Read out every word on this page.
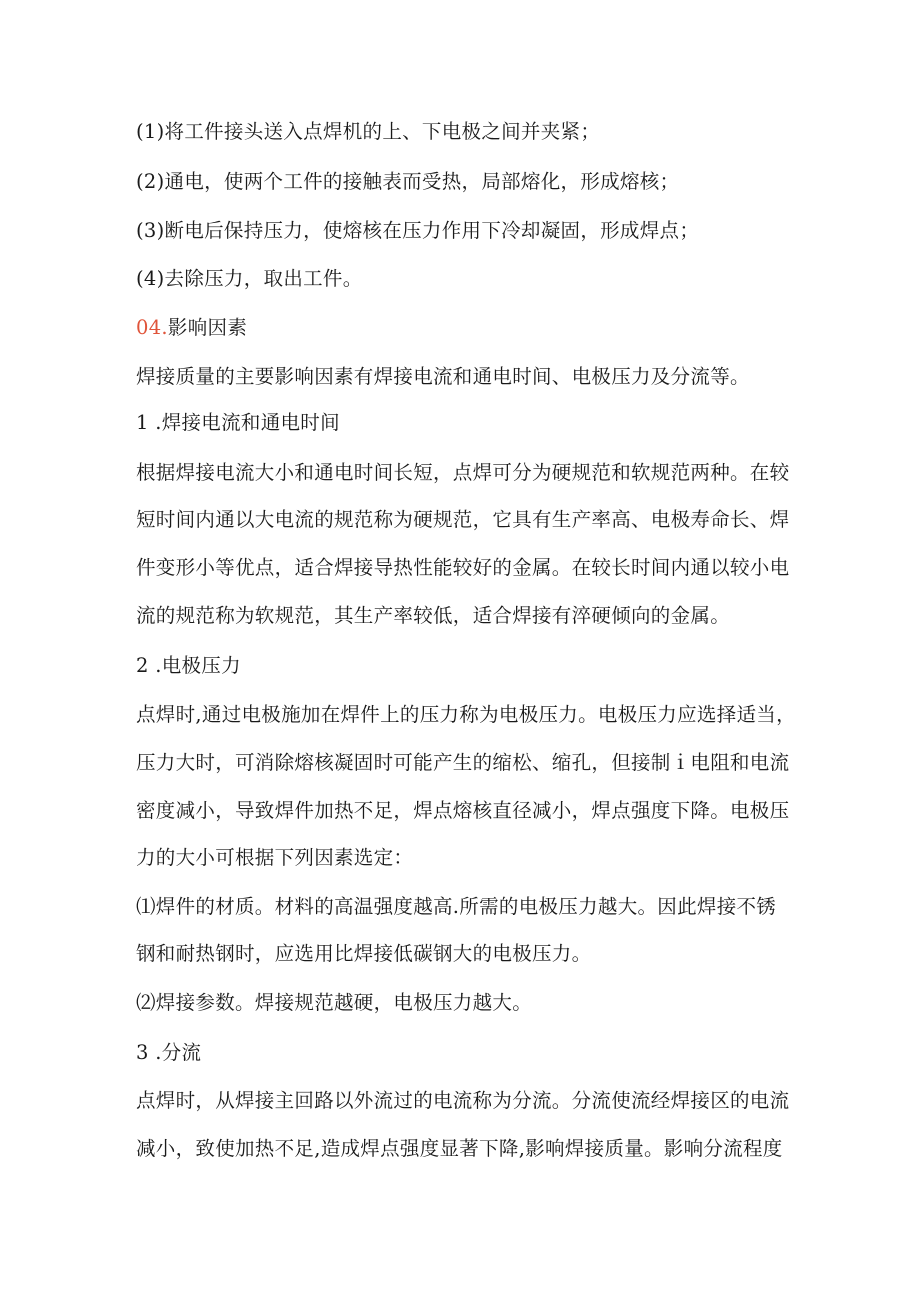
(1)将工件接头送入点焊机的上、下电极之间并夹紧；
(2)通电，使两个工件的接触表而受热，局部熔化，形成熔核；
(3)断电后保持压力，使熔核在压力作用下冷却凝固，形成焊点；
(4)去除压力，取出工件。
04.影响因素
焊接质量的主要影响因素有焊接电流和通电时间、电极压力及分流等。
1 .焊接电流和通电时间
根据焊接电流大小和通电时间长短，点焊可分为硬规范和软规范两种。在较
短时间内通以大电流的规范称为硬规范，它具有生产率高、电极寿命长、焊
件变形小等优点，适合焊接导热性能较好的金属。在较长时间内通以较小电
流的规范称为软规范，其生产率较低，适合焊接有淬硬倾向的金属。
2 .电极压力
点焊时,通过电极施加在焊件上的压力称为电极压力。电极压力应选择适当，
压力大时，可消除熔核凝固时可能产生的缩松、缩孔，但接制ｉ电阻和电流
密度减小，导致焊件加热不足，焊点熔核直径减小，焊点强度下降。电极压
力的大小可根据下列因素选定：
⑴焊件的材质。材料的高温强度越高.所需的电极压力越大。因此焊接不锈
钢和耐热钢时，应选用比焊接低碳钢大的电极压力。
⑵焊接参数。焊接规范越硬，电极压力越大。
3 .分流
点焊时，从焊接主回路以外流过的电流称为分流。分流使流经焊接区的电流
减小，致使加热不足,造成焊点强度显著下降,影响焊接质量。影响分流程度
